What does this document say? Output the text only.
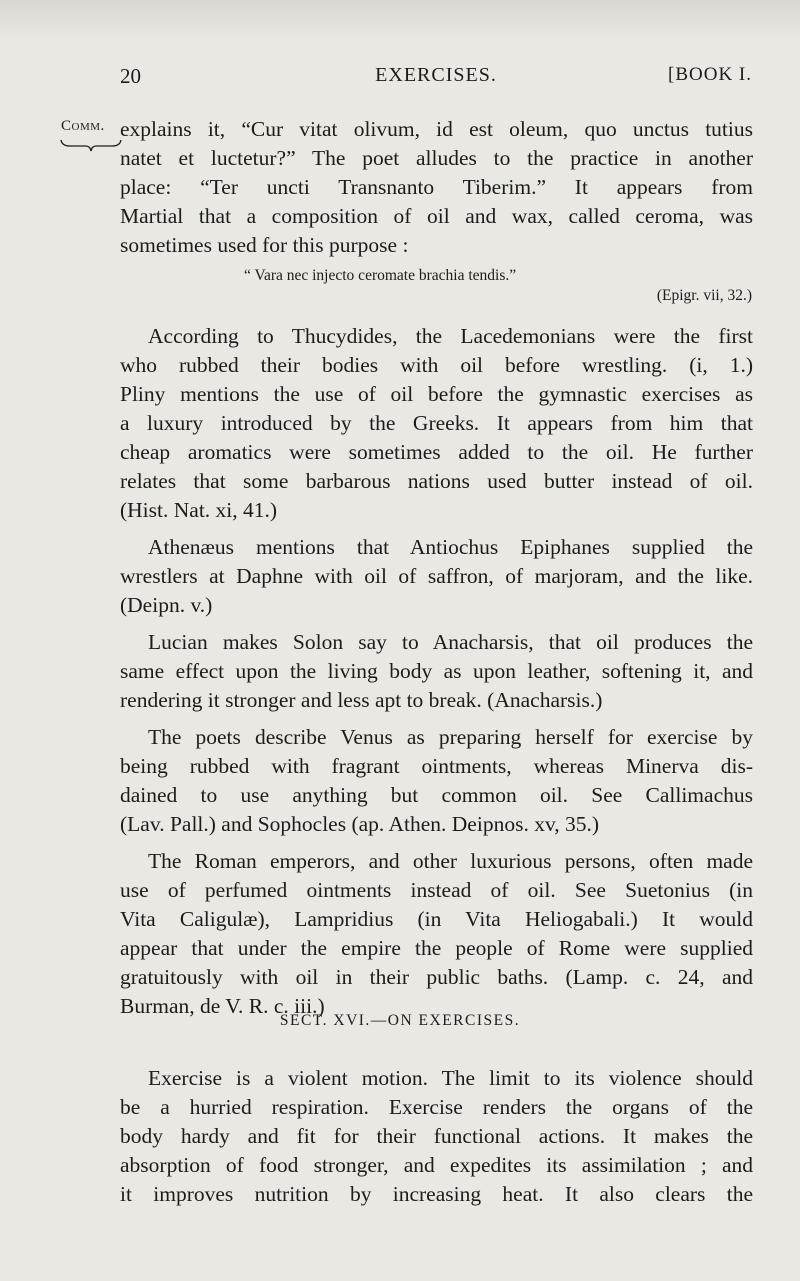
20	EXERCISES.	[BOOK I.
Comm. explains it, “Cur vitat olivum, id est oleum, quo unctus tutius
natet et luctetur?” The poet alludes to the practice in another
place: “Ter uncti Transnanto Tiberim.” It appears from
Martial that a composition of oil and wax, called ceroma, was
sometimes used for this purpose :
“ Vara nec injecto ceromate brachia tendis.”
(Epigr. vii, 32.)
According to Thucydides, the Lacedemonians were the first
who rubbed their bodies with oil before wrestling. (i, 1.)
Pliny mentions the use of oil before the gymnastic exercises as
a luxury introduced by the Greeks. It appears from him that
cheap aromatics were sometimes added to the oil. He further
relates that some barbarous nations used butter instead of oil.
(Hist. Nat. xi, 41.)
Athenæus mentions that Antiochus Epiphanes supplied the
wrestlers at Daphne with oil of saffron, of marjoram, and the like.
(Deipn. v.)
Lucian makes Solon say to Anacharsis, that oil produces the
same effect upon the living body as upon leather, softening it, and
rendering it stronger and less apt to break. (Anacharsis.)
The poets describe Venus as preparing herself for exercise by
being rubbed with fragrant ointments, whereas Minerva dis-
dained to use anything but common oil. See Callimachus
(Lav. Pall.) and Sophocles (ap. Athen. Deipnos. xv, 35.)
The Roman emperors, and other luxurious persons, often made
use of perfumed ointments instead of oil. See Suetonius (in
Vita Caligulæ), Lampridius (in Vita Heliogabali.) It would
appear that under the empire the people of Rome were supplied
gratuitously with oil in their public baths. (Lamp. c. 24, and
Burman, de V. R. c. iii.)
SECT. XVI.—ON EXERCISES.
Exercise is a violent motion. The limit to its violence should
be a hurried respiration. Exercise renders the organs of the
body hardy and fit for their functional actions. It makes the
absorption of food stronger, and expedites its assimilation ; and
it improves nutrition by increasing heat. It also clears the
